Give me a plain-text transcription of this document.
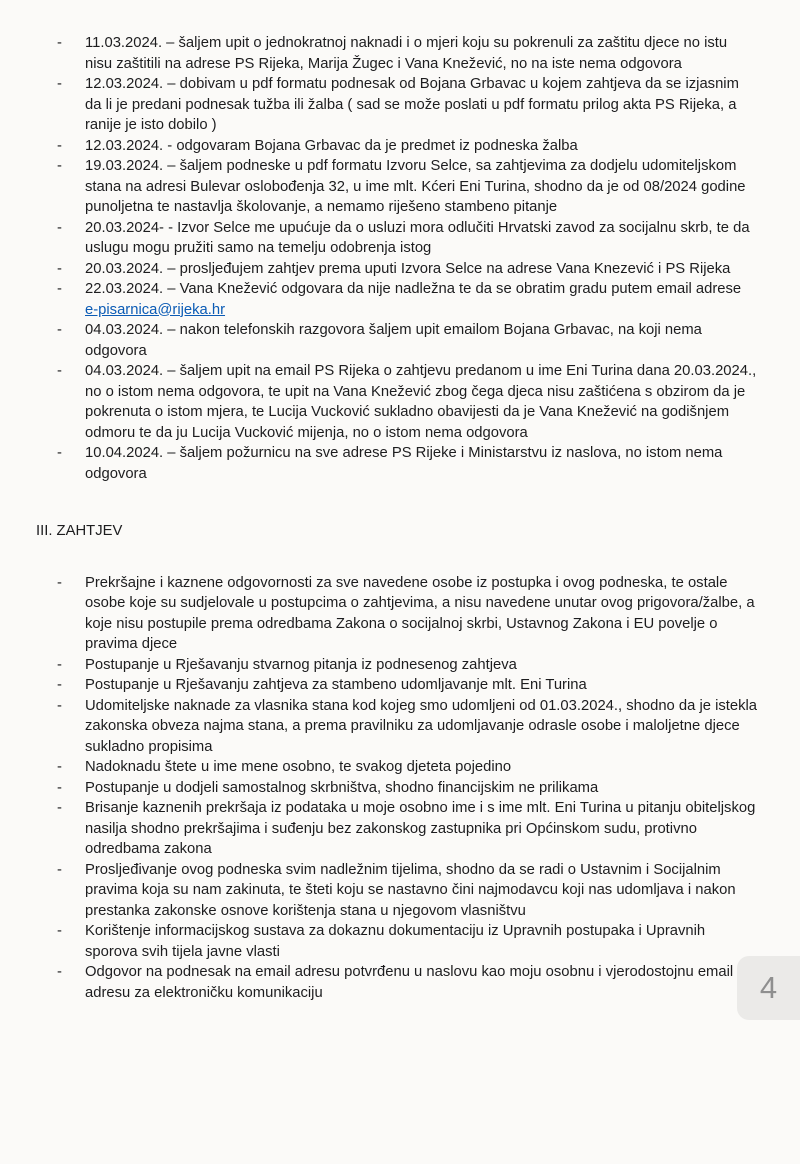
-	11.03.2024. – šaljem upit o jednokratnoj naknadi i o mjeri koju su pokrenuli za zaštitu djece no istu nisu zaštitili na adrese PS Rijeka, Marija Žugec i Vana Knežević, no na iste nema odgovora
-	12.03.2024. – dobivam u pdf formatu podnesak od Bojana Grbavac u kojem zahtjeva da se izjasnim da li je predani podnesak tužba ili žalba ( sad se može poslati u pdf formatu prilog akta PS Rijeka, a ranije je isto dobilo )
-	12.03.2024. - odgovaram Bojana Grbavac da je predmet iz podneska žalba
-	19.03.2024. – šaljem podneske u pdf formatu Izvoru Selce, sa zahtjevima za dodjelu udomiteljskom stana na adresi Bulevar oslobođenja 32, u ime mlt. Kćeri Eni Turina, shodno da je od 08/2024 godine punoljetna te nastavlja školovanje, a nemamo riješeno stambeno pitanje
-	20.03.2024- - Izvor Selce me upućuje da o usluzi mora odlučiti Hrvatski zavod za socijalnu skrb, te da uslugu mogu pružiti samo na temelju odobrenja istog
-	20.03.2024. – prosljeđujem zahtjev prema uputi Izvora Selce na adrese Vana Knezević i PS Rijeka
-	22.03.2024. – Vana Knežević odgovara da nije nadležna te da se obratim gradu putem email adrese e-pisarnica@rijeka.hr
-	04.03.2024. – nakon telefonskih razgovora šaljem upit emailom Bojana Grbavac, na koji nema odgovora
-	04.03.2024. – šaljem upit na email PS Rijeka o zahtjevu predanom u ime Eni Turina dana 20.03.2024., no o istom nema odgovora, te upit na Vana Knežević zbog čega djeca nisu zaštićena s obzirom da je pokrenuta o istom mjera, te Lucija Vucković sukladno obavijesti da je Vana Knežević na godišnjem odmoru te da ju Lucija Vucković mijenja, no o istom nema odgovora
-	10.04.2024. – šaljem požurnicu na sve adrese PS Rijeke i Ministarstvu iz naslova, no istom nema odgovora
III. ZAHTJEV
-	Prekršajne i kaznene odgovornosti za sve navedene osobe iz postupka i ovog podneska, te ostale osobe koje su sudjelovale u postupcima o zahtjevima, a nisu navedene unutar ovog prigovora/žalbe, a koje nisu postupile prema odredbama Zakona o socijalnoj skrbi, Ustavnog Zakona i EU povelje o pravima djece
-	Postupanje u Rješavanju stvarnog pitanja iz podnesenog zahtjeva
-	Postupanje u Rješavanju zahtjeva za stambeno udomljavanje mlt. Eni Turina
-	Udomiteljske naknade za vlasnika stana kod kojeg smo udomljeni od 01.03.2024., shodno da je istekla zakonska obveza najma stana, a prema pravilniku za udomljavanje odrasle osobe i maloljetne djece sukladno propisima
-	Nadoknadu štete u ime mene osobno, te svakog djeteta pojedino
-	Postupanje u dodjeli samostalnog skrbništva, shodno financijskim ne prilikama
-	Brisanje kaznenih prekršaja iz podataka u moje osobno ime i s ime mlt. Eni Turina u pitanju obiteljskog nasilja shodno prekršajima i suđenju bez zakonskog zastupnika pri Općinskom sudu, protivno odredbama zakona
-	Prosljeđivanje ovog podneska svim nadležnim tijelima, shodno da se radi o Ustavnim i Socijalnim pravima koja su nam zakinuta, te šteti koju se nastavno čini najmodavcu koji nas udomljava i nakon prestanka zakonske osnove korištenja stana u njegovom vlasništvu
-	Korištenje informacijskog sustava za dokaznu dokumentaciju iz Upravnih postupaka i Upravnih sporova svih tijela javne vlasti
-	Odgovor na podnesak na email adresu potvrđenu u naslovu kao moju osobnu i vjerodostojnu email adresu za elektroničku komunikaciju	4
